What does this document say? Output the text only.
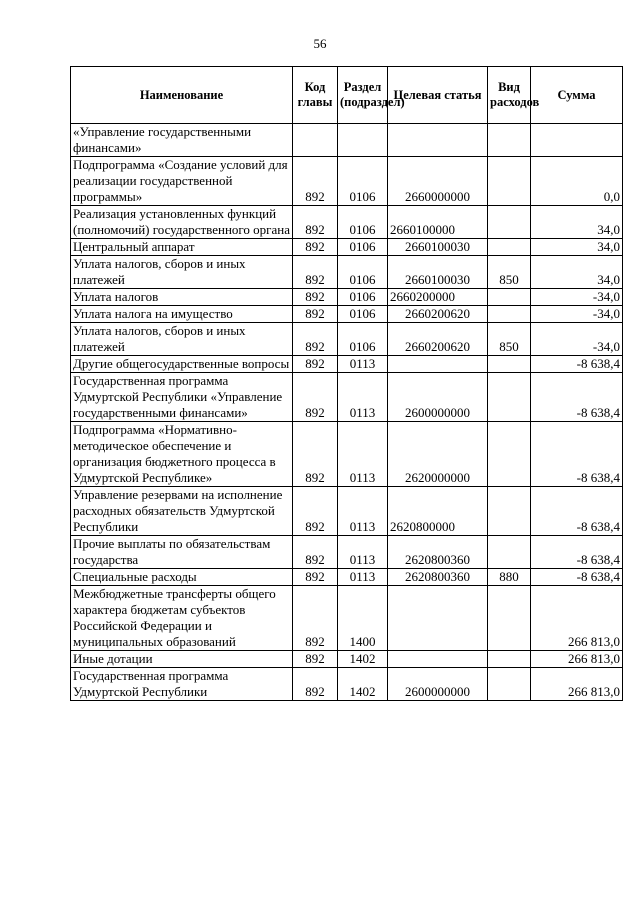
56
Наименование	Код главы	Раздел (подраздел)	Целевая статья	Вид расходов	Сумма
«Управление государственными финансами»					
Подпрограмма «Создание условий для реализации государственной программы»	892	0106	2660000000		0,0
Реализация установленных функций (полномочий) государственного органа	892	0106	2660100000		34,0
Центральный аппарат	892	0106	2660100030		34,0
Уплата налогов, сборов и иных платежей	892	0106	2660100030	850	34,0
Уплата налогов	892	0106	2660200000		-34,0
Уплата налога на имущество	892	0106	2660200620		-34,0
Уплата налогов, сборов и иных платежей	892	0106	2660200620	850	-34,0
Другие общегосударственные вопросы	892	0113			-8 638,4
Государственная программа Удмуртской Республики «Управление государственными финансами»	892	0113	2600000000		-8 638,4
Подпрограмма «Нормативно-методическое обеспечение и организация бюджетного процесса в Удмуртской Республике»	892	0113	2620000000		-8 638,4
Управление резервами на исполнение расходных обязательств Удмуртской Республики	892	0113	2620800000		-8 638,4
Прочие выплаты по обязательствам государства	892	0113	2620800360		-8 638,4
Специальные расходы	892	0113	2620800360	880	-8 638,4
Межбюджетные трансферты общего характера бюджетам субъектов Российской Федерации и муниципальных образований	892	1400			266 813,0
Иные дотации	892	1402			266 813,0
Государственная программа Удмуртской Республики	892	1402	2600000000		266 813,0
